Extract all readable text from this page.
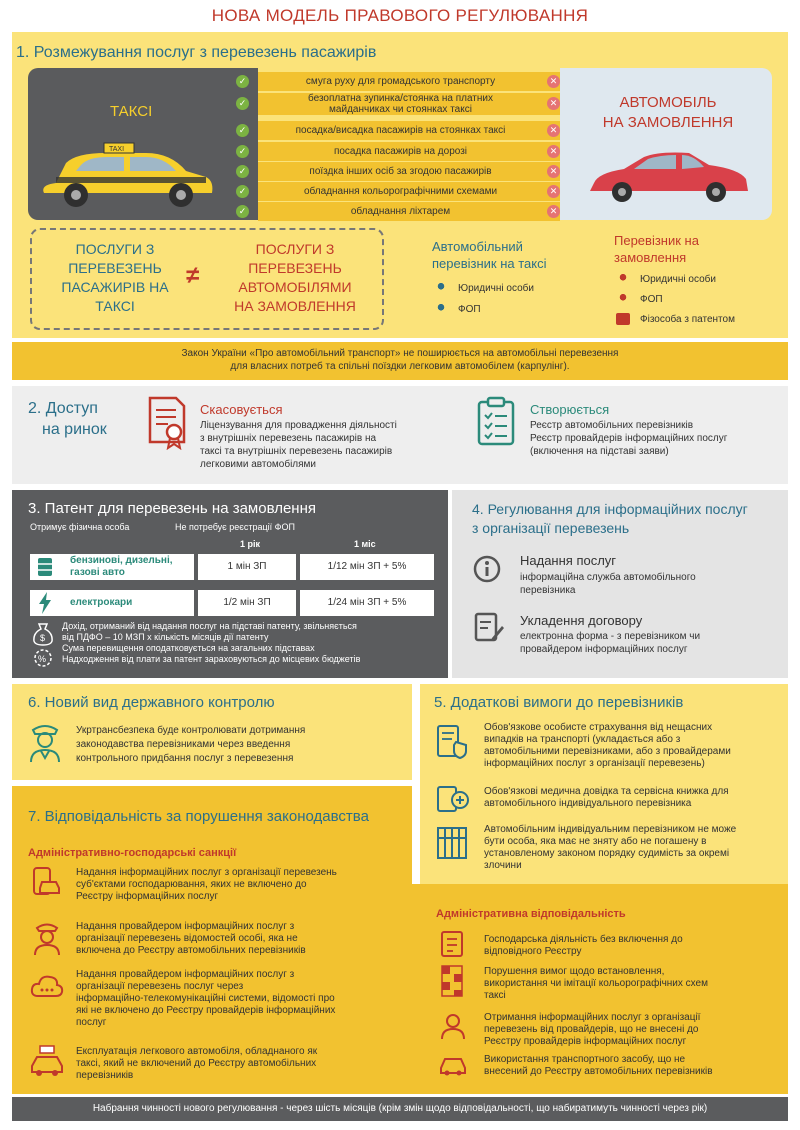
НОВА МОДЕЛЬ ПРАВОВОГО РЕГУЛЮВАННЯ
1. Розмежування послуг з перевезень пасажирів
ТАКСІ
TAXI
АВТОМОБІЛЬ
НА ЗАМОВЛЕННЯ
✓	смуга руху для громадського транспорту	✕
✓	безоплатна зупинка/стоянка на платних
майданчиках чи стоянках таксі
✕
✓	посадка/висадка пасажирів на стоянках таксі	✕
✓	посадка пасажирів на дорозі	✕
✓	поїздка інших осіб за згодою пасажирів	✕
✓	обладнання кольорографічними схемами	✕
✓	обладнання ліхтарем	✕
ПОСЛУГИ З
ПЕРЕВЕЗЕНЬ
ПАСАЖИРІВ НА
ТАКСІ
≠
ПОСЛУГИ З
ПЕРЕВЕЗЕНЬ
АВТОМОБІЛЯМИ
НА ЗАМОВЛЕННЯ
Автомобільний
перевізник на таксі
Юридичні особи
ФОП
Перевізник на
замовлення
Юридичні особи
ФОП
Фізособа з патентом
Закон України «Про автомобільний транспорт» не поширюється на автомобільні перевезення
для власних потреб та спільні поїздки легковим автомобілем (карпулінг).
2. Доступ
на ринок
Скасовується
Ліцензування для провадження діяльності
з внутрішніх перевезень пасажирів на
таксі та внутрішніх перевезень пасажирів
легковими автомобілями
Створюється
Реєстр автомобільних перевізників
Реєстр провайдерів інформаційних послуг
(включення на підставі заяви)
3. Патент для перевезень на замовлення
Отримує фізична особа	Не потребує реєстрації ФОП
1 рік	1 міс
бензинові, дизельні,
газові авто
1 мін ЗП	1/12 мін ЗП + 5%
електрокари	1/2 мін ЗП	1/24 мін ЗП + 5%
$
%
Дохід, отриманий від надання послуг на підставі патенту, звільняється
від ПДФО – 10 МЗП х кількість місяців дії патенту
Сума перевищення оподатковується на загальних підставах
Надходження від плати за патент зараховуються до місцевих бюджетів
4. Регулювання для інформаційних послуг
з організації перевезень
Надання послуг
інформаційна служба автомобільного
перевізника
Укладення договору
електронна форма - з перевізником чи
провайдером інформаційних послуг
6. Новий вид державного контролю
Укртрансбезпека буде контролювати дотримання
законодавства перевізниками через введення
контрольного придбання послуг з перевезення
5. Додаткові вимоги до перевізників
Обов'язкове особисте страхування від нещасних
випадків на транспорті (укладається або з
автомобільними перевізниками, або з провайдерами
інформаційних послуг з організації перевезень)
Обов'язкові медична довідка та сервісна книжка для
автомобільного індивідуального перевізника
Автомобільним індивідуальним перевізником не може
бути особа, яка має не зняту або не погашену в
установленому законом порядку судимість за окремі
злочини
7. Відповідальність за порушення законодавства
Адміністративно-господарські санкції
Надання інформаційних послуг з організації перевезень
суб'єктами господарювання, яких не включено до
Реєстру інформаційних послуг
Надання провайдером інформаційних послуг з
організації перевезень відомостей особі, яка не
включена до Реєстру автомобільних перевізників
Надання провайдером інформаційних послуг з
організації перевезень послуг через
інформаційно-телекомунікаційні системи, відомості про
які не включено до Реєстру провайдерів інформаційних
послуг
Експлуатація легкового автомобіля, обладнаного як
таксі, який не включений до Реєстру автомобільних
перевізників
Адміністративна відповідальність
Господарська діяльність без включення до
відповідного Реєстру
Порушення вимог щодо встановлення,
використання чи імітації кольорографічних схем
таксі
Отримання інформаційних послуг з організації
перевезень від провайдерів, що не внесені до
Реєстру провайдерів інформаційних послуг
Використання транспортного засобу, що не
внесений до Реєстру автомобільних перевізників
Набрання чинності нового регулювання - через шість місяців (крім змін щодо відповідальності, що набиратимуть чинності через рік)
